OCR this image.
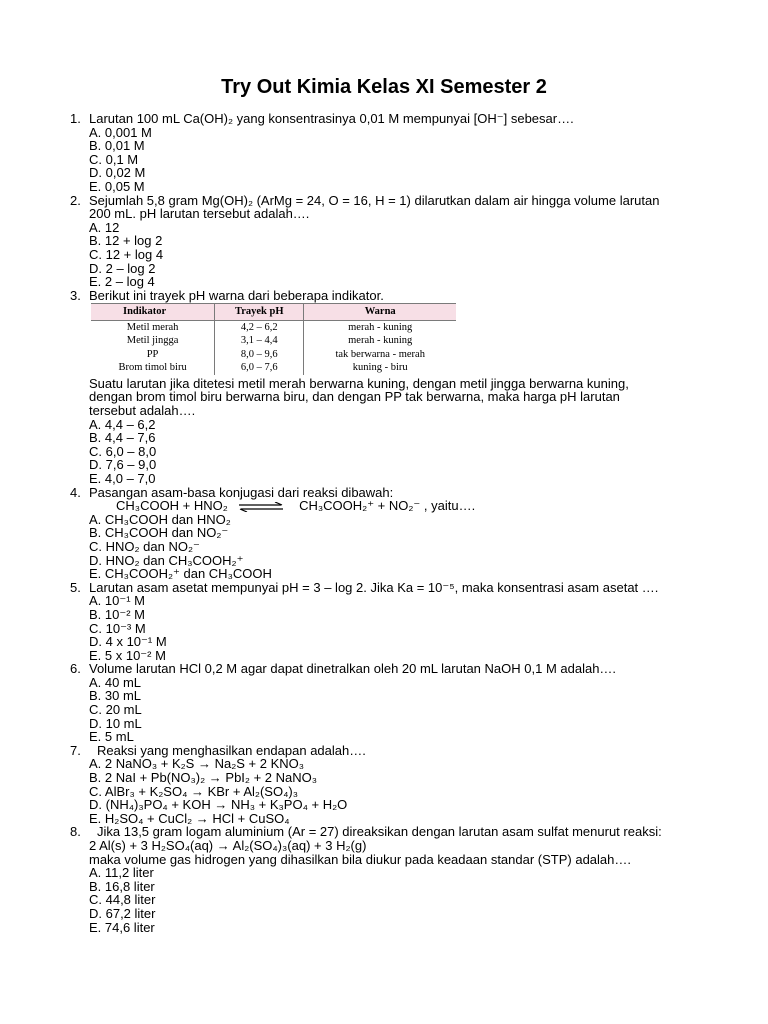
Try Out Kimia Kelas XI Semester 2
1. Larutan 100 mL Ca(OH)₂ yang konsentrasinya 0,01 M mempunyai [OH⁻] sebesar….
A. 0,001 M
B. 0,01 M
C. 0,1 M
D. 0,02 M
E. 0,05 M
2. Sejumlah 5,8 gram Mg(OH)₂ (ArMg = 24, O = 16, H = 1) dilarutkan dalam air hingga volume larutan
200 mL. pH larutan tersebut adalah….
A. 12
B. 12 + log 2
C. 12 + log 4
D. 2 – log 2
E. 2 – log 4
3. Berikut ini trayek pH warna dari beberapa indikator.
Indikator	Trayek pH	Warna
Metil merah	4,2 – 6,2	merah - kuning
Metil jingga	3,1 – 4,4	merah - kuning
PP	8,0 – 9,6	tak berwarna - merah
Brom timol biru	6,0 – 7,6	kuning - biru
Suatu larutan jika ditetesi metil merah berwarna kuning, dengan metil jingga berwarna kuning,
dengan brom timol biru berwarna biru, dan dengan PP tak berwarna, maka harga pH larutan
tersebut adalah….
A. 4,4 – 6,2
B. 4,4 – 7,6
C. 6,0 – 8,0
D. 7,6 – 9,0
E. 4,0 – 7,0
4. Pasangan asam-basa konjugasi dari reaksi dibawah:
CH₃COOH + HNO₂ ⇌ CH₃COOH₂⁺ + NO₂⁻ , yaitu….
A. CH₃COOH dan HNO₂
B. CH₃COOH dan NO₂⁻
C. HNO₂ dan NO₂⁻
D. HNO₂ dan CH₃COOH₂⁺
E. CH₃COOH₂⁺ dan CH₃COOH
5. Larutan asam asetat mempunyai pH = 3 – log 2. Jika Ka = 10⁻⁵, maka konsentrasi asam asetat ….
A. 10⁻¹ M
B. 10⁻² M
C. 10⁻³ M
D. 4 x 10⁻¹ M
E. 5 x 10⁻² M
6. Volume larutan HCl 0,2 M agar dapat dinetralkan oleh 20 mL larutan NaOH 0,1 M adalah….
A. 40 mL
B. 30 mL
C. 20 mL
D. 10 mL
E. 5 mL
7.	Reaksi yang menghasilkan endapan adalah….
A. 2 NaNO₃ + K₂S → Na₂S + 2 KNO₃
B. 2 NaI + Pb(NO₃)₂ → PbI₂ + 2 NaNO₃
C. AlBr₃ + K₂SO₄ → KBr + Al₂(SO₄)₃
D. (NH₄)₃PO₄ + KOH → NH₃ + K₃PO₄ + H₂O
E. H₂SO₄ + CuCl₂ → HCl + CuSO₄
8.	Jika 13,5 gram logam aluminium (Ar = 27) direaksikan dengan larutan asam sulfat menurut reaksi:
2 Al(s) + 3 H₂SO₄(aq) → Al₂(SO₄)₃(aq) + 3 H₂(g)
maka volume gas hidrogen yang dihasilkan bila diukur pada keadaan standar (STP) adalah….
A. 11,2 liter
B. 16,8 liter
C. 44,8 liter
D. 67,2 liter
E. 74,6 liter
